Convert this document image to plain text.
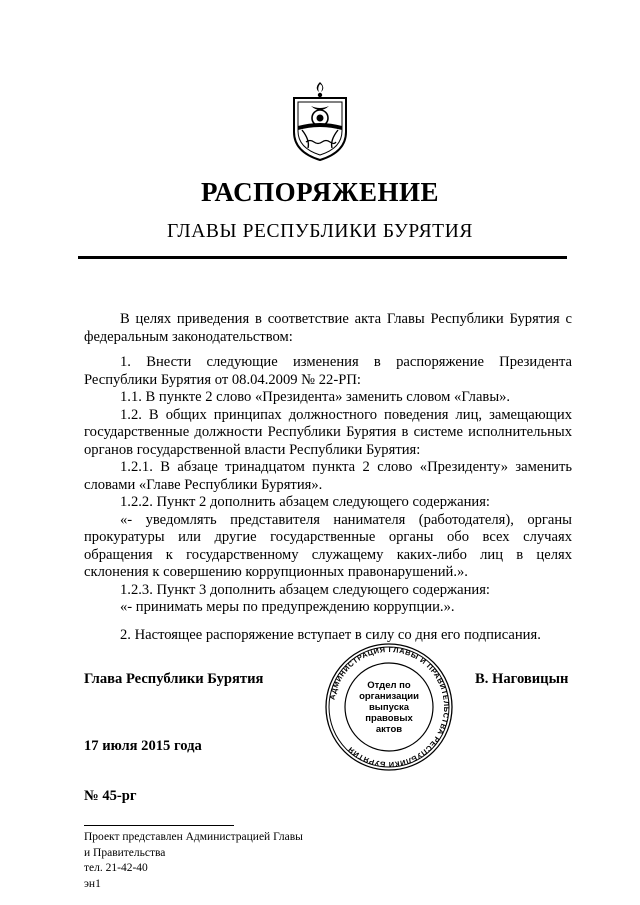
РАСПОРЯЖЕНИЕ
ГЛАВЫ РЕСПУБЛИКИ БУРЯТИЯ

В целях приведения в соответствие акта Главы Республики Бурятия с федеральным законодательством:

1. Внести следующие изменения в распоряжение Президента Республики Бурятия от 08.04.2009 № 22-РП:

1.1. В пункте 2 слово «Президента» заменить словом «Главы».

1.2. В общих принципах должностного поведения лиц, замещающих государственные должности Республики Бурятия в системе исполнительных органов государственной власти Республики Бурятия:

1.2.1. В абзаце тринадцатом пункта 2 слово «Президенту» заменить словами «Главе Республики Бурятия».

1.2.2. Пункт 2 дополнить абзацем следующего содержания:

«- уведомлять представителя нанимателя (работодателя), органы прокуратуры или другие государственные органы обо всех случаях обращения к государственному служащему каких-либо лиц в целях склонения к совершению коррупционных правонарушений.».

1.2.3. Пункт 3 дополнить абзацем следующего содержания:

«- принимать меры по предупреждению коррупции.».

2. Настоящее распоряжение вступает в силу со дня его подписания.

Глава Республики Бурятия	В. Наговицын
АДМИНИСТРАЦИЯ ГЛАВЫ И ПРАВИТЕЛЬСТВА РЕСПУБЛИКИ БУРЯТИЯ
Отдел по
организации
выпуска
правовых
актов
17 июля 2015 года
№ 45-рг
Проект представлен Администрацией Главы
и Правительства
тел. 21-42-40
эн1
